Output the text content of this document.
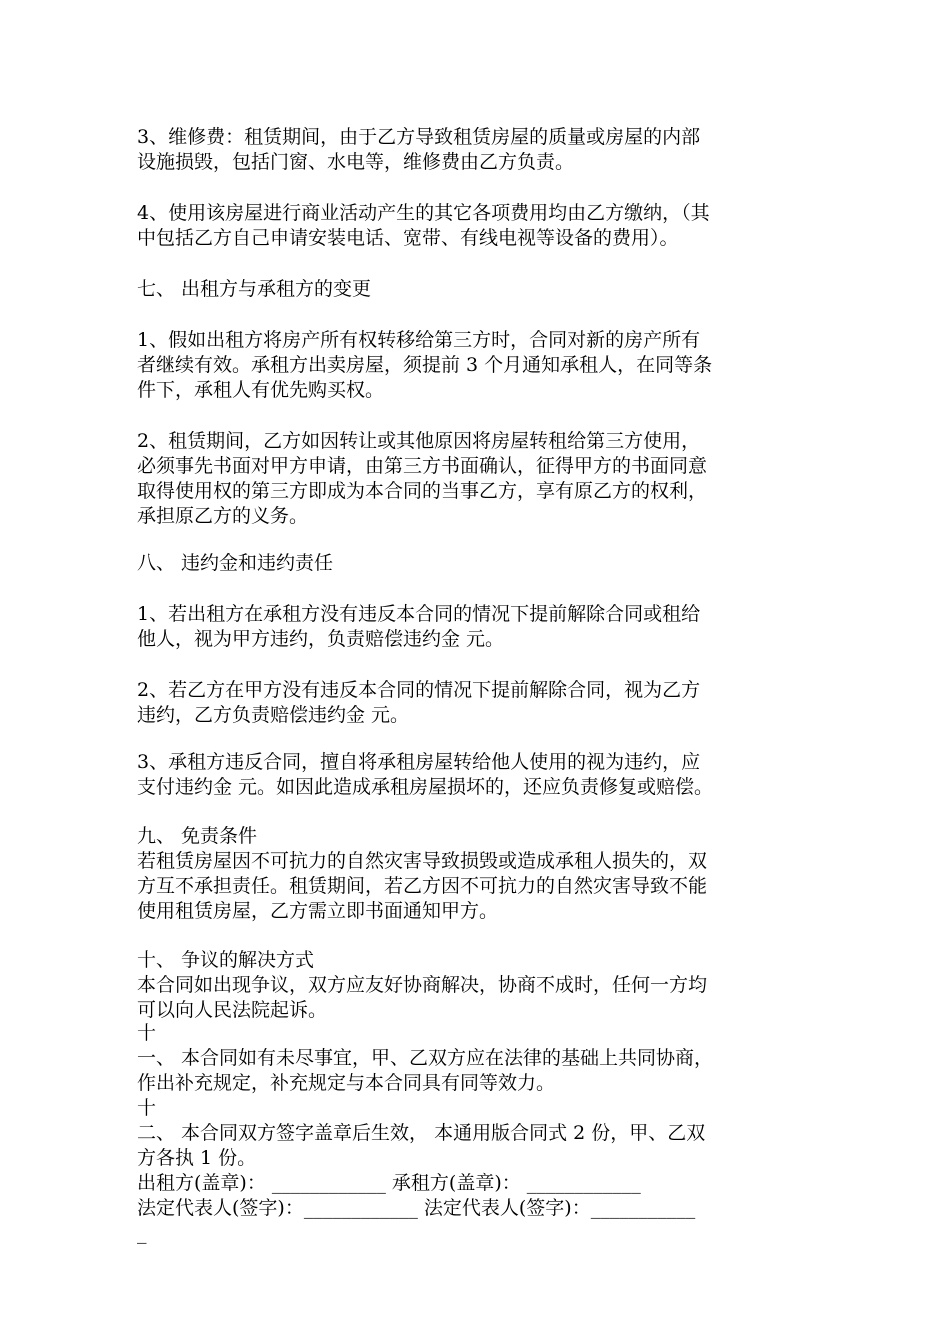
3、维修费：租赁期间，由于乙方导致租赁房屋的质量或房屋的内部
设施损毁，包括门窗、水电等，维修费由乙方负责。
4、使用该房屋进行商业活动产生的其它各项费用均由乙方缴纳，（其
中包括乙方自己申请安装电话、宽带、有线电视等设备的费用）。
七、 出租方与承租方的变更
1、假如出租方将房产所有权转移给第三方时，合同对新的房产所有
者继续有效。承租方出卖房屋，须提前 3 个月通知承租人，在同等条
件下，承租人有优先购买权。
2、租赁期间，乙方如因转让或其他原因将房屋转租给第三方使用，
必须事先书面对甲方申请，由第三方书面确认，征得甲方的书面同意
取得使用权的第三方即成为本合同的当事乙方，享有原乙方的权利，
承担原乙方的义务。
八、 违约金和违约责任
1、若出租方在承租方没有违反本合同的情况下提前解除合同或租给
他人，视为甲方违约，负责赔偿违约金 元。
2、若乙方在甲方没有违反本合同的情况下提前解除合同，视为乙方
违约，乙方负责赔偿违约金 元。
3、承租方违反合同，擅自将承租房屋转给他人使用的视为违约，应
支付违约金 元。如因此造成承租房屋损坏的，还应负责修复或赔偿。
九、 免责条件
若租赁房屋因不可抗力的自然灾害导致损毁或造成承租人损失的，双
方互不承担责任。租赁期间，若乙方因不可抗力的自然灾害导致不能
使用租赁房屋，乙方需立即书面通知甲方。
十、 争议的解决方式
本合同如出现争议，双方应友好协商解决，协商不成时，任何一方均
可以向人民法院起诉。
十
一、 本合同如有未尽事宜，甲、乙双方应在法律的基础上共同协商，
作出补充规定，补充规定与本合同具有同等效力。
十
二、 本合同双方签字盖章后生效， 本通用版合同式 2 份，甲、乙双
方各执 1 份。
出租方(盖章)： ____________ 承租方(盖章)： ____________
法定代表人(签字)：____________ 法定代表人(签字)：___________
_
